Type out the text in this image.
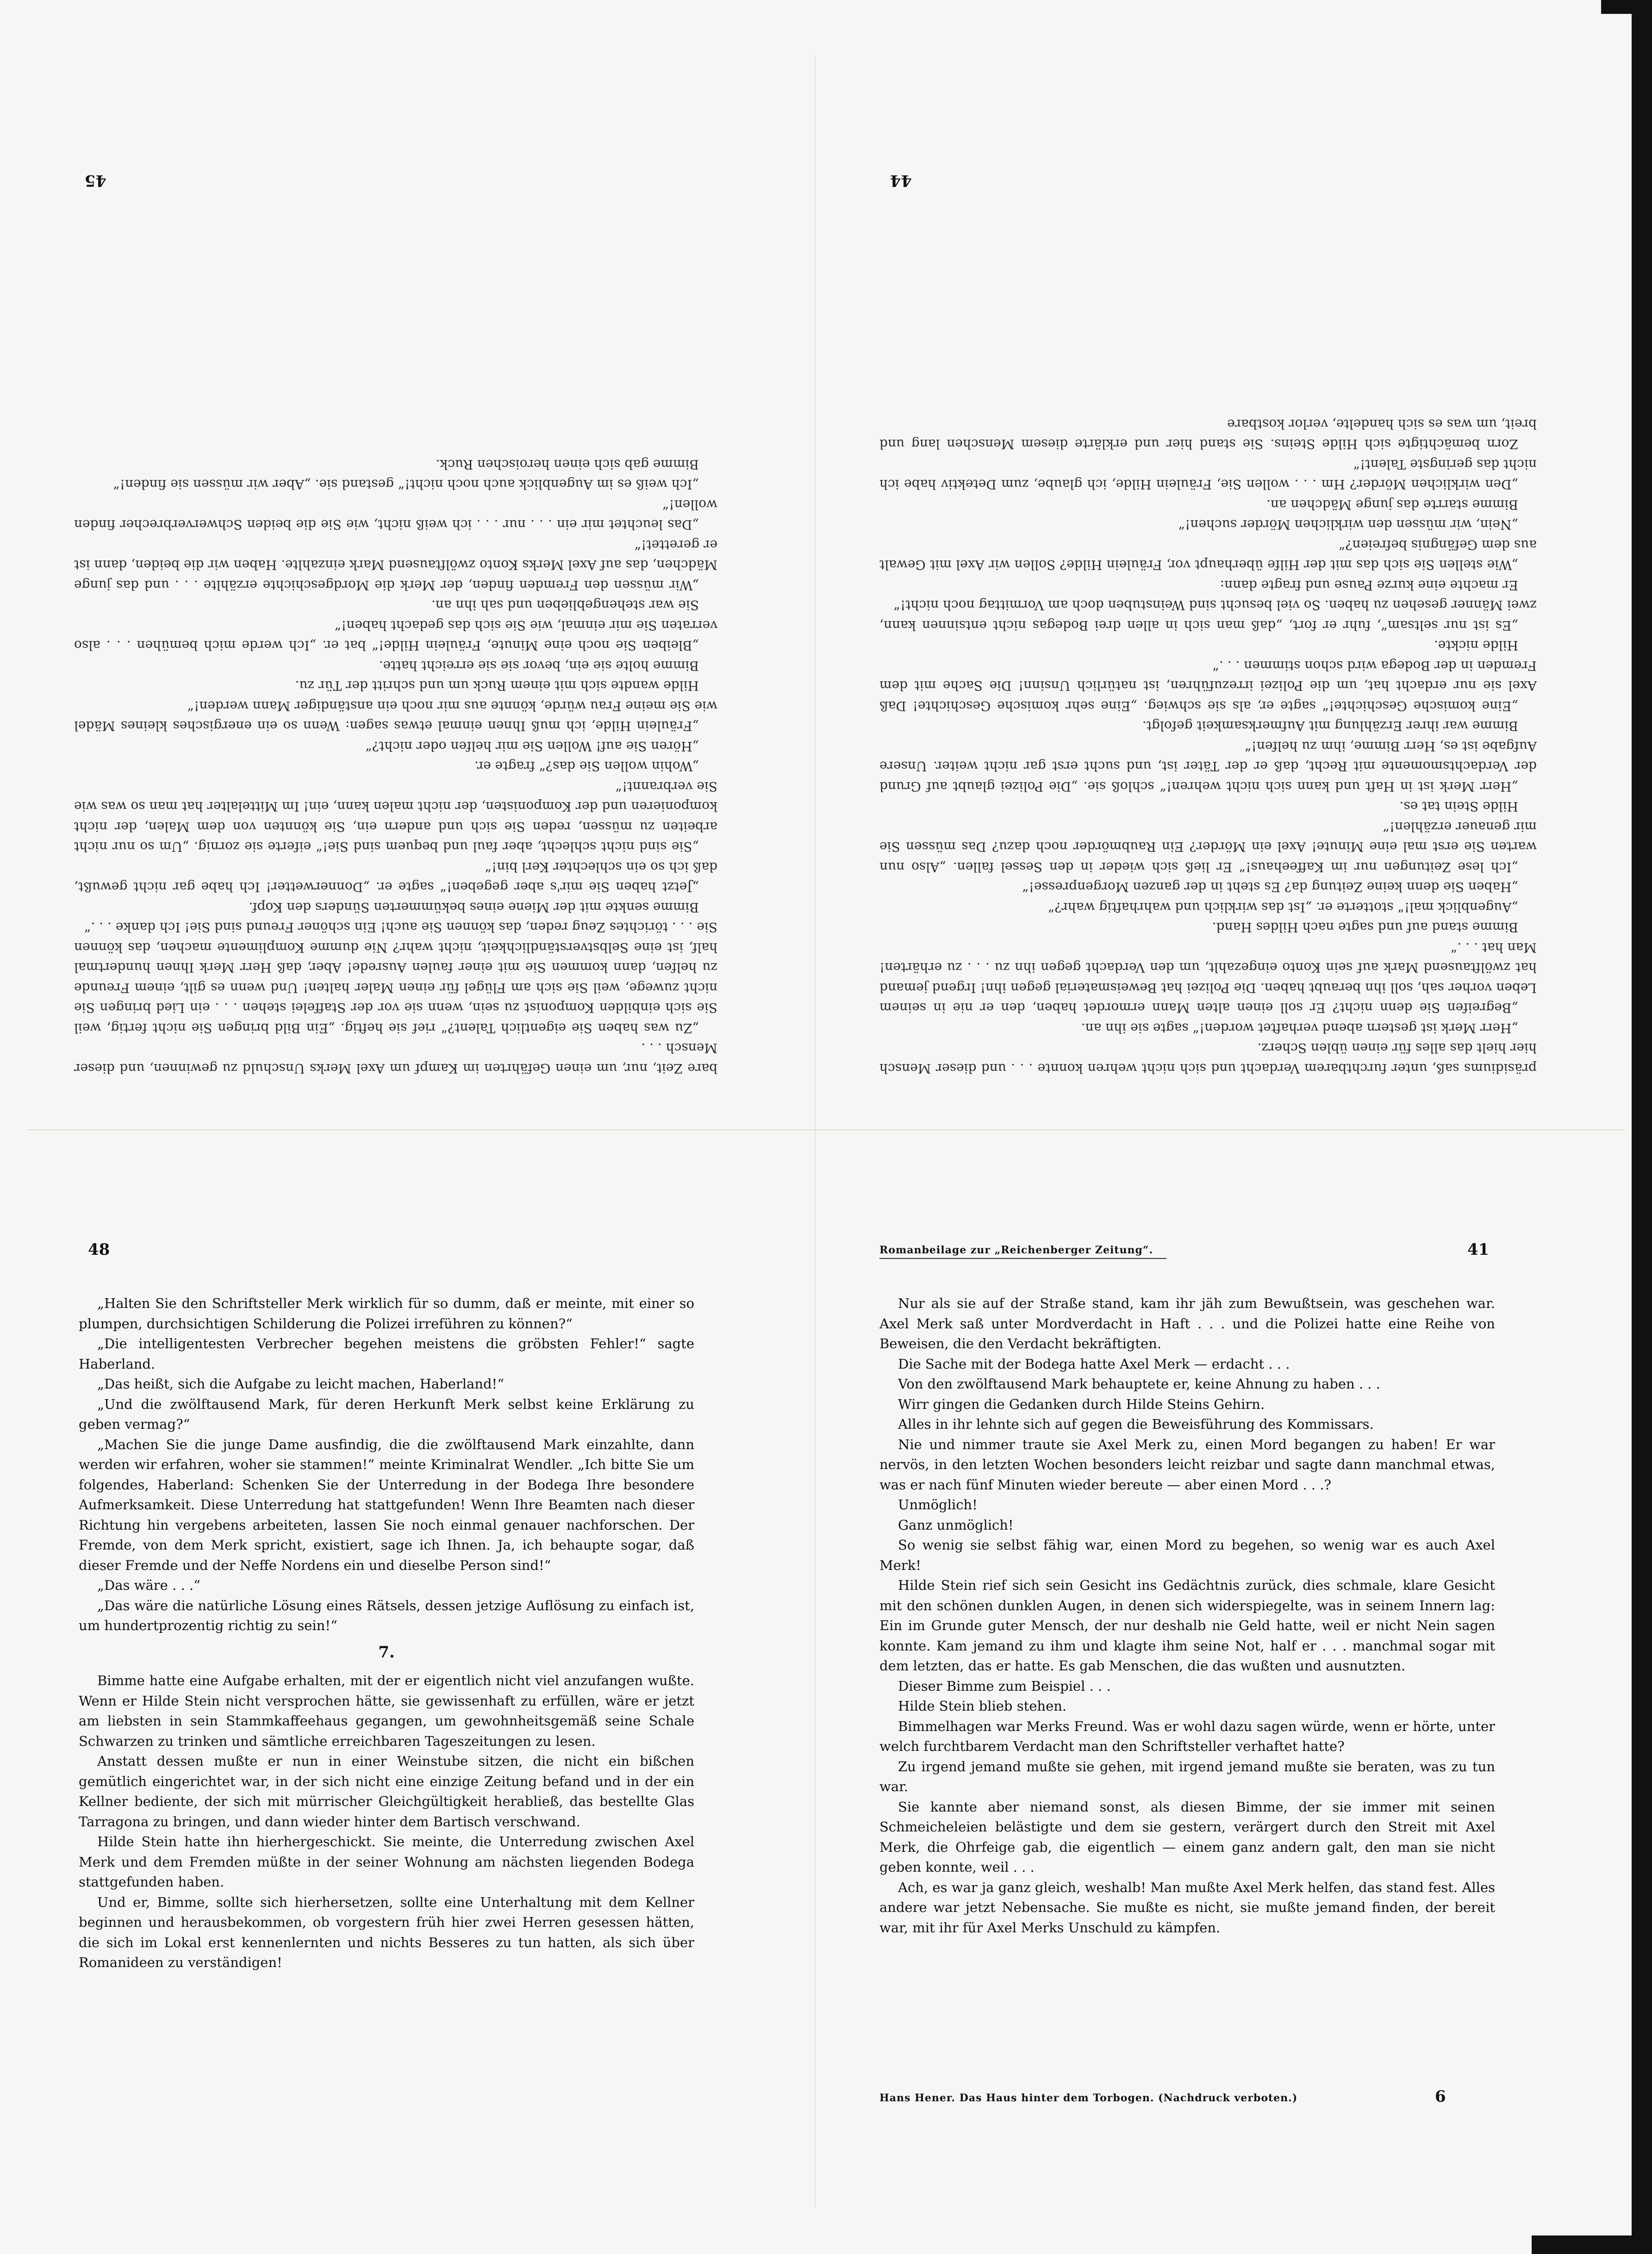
45

bare Zeit, nur, um einen Gefährten im Kampf um Axel Merks Unschuld zu gewinnen, und dieser Mensch . . .

„Zu was haben Sie eigentlich Talent?“ rief sie heftig. „Ein Bild bringen Sie nicht fertig, weil Sie sich einbilden Komponist zu sein, wenn sie vor der Staffelei stehen . . . ein Lied bringen Sie nicht zuwege, weil Sie sich am Flügel für einen Maler halten! Und wenn es gilt, einem Freunde zu helfen, dann kommen Sie mit einer faulen Ausrede! Aber, daß Herr Merk Ihnen hundertmal half, ist eine Selbstverständlichkeit, nicht wahr? Nie dumme Komplimente machen, das können Sie . . . törichtes Zeug reden, das können Sie auch! Ein schöner Freund sind Sie! Ich danke . . .“

Bimme senkte mit der Miene eines bekümmerten Sünders den Kopf.

„Jetzt haben Sie mir's aber gegeben!“ sagte er. „Donnerwetter! Ich habe gar nicht gewußt, daß ich so ein schlechter Kerl bin!“

„Sie sind nicht schlecht, aber faul und bequem sind Sie!“ eiferte sie zornig. „Um so nur nicht arbeiten zu müssen, reden Sie sich und andern ein, Sie könnten von dem Malen, der nicht komponieren und der Komponisten, der nicht malen kann, ein! Im Mittelalter hat man so was wie Sie verbrannt!“

„Wohin wollen Sie das?“ fragte er.

„Hören Sie auf! Wollen Sie mir helfen oder nicht?“

„Fräulein Hilde, ich muß Ihnen einmal etwas sagen: Wenn so ein energisches kleines Mädel wie Sie meine Frau würde, könnte aus mir noch ein anständiger Mann werden!“

Hilde wandte sich mit einem Ruck um und schritt der Tür zu.

Bimme holte sie ein, bevor sie sie erreicht hatte.

„Bleiben Sie noch eine Minute, Fräulein Hilde!“ bat er. „Ich werde mich bemühen . . . also verraten Sie mir einmal, wie Sie sich das gedacht haben!“

Sie war stehengeblieben und sah ihn an.

„Wir müssen den Fremden finden, der Merk die Mordgeschichte erzählte . . . und das junge Mädchen, das auf Axel Merks Konto zwölftausend Mark einzahlte. Haben wir die beiden, dann ist er gerettet!“

„Das leuchtet mir ein . . . nur . . . ich weiß nicht, wie Sie die beiden Schwerverbrecher finden wollen!“

„Ich weiß es im Augenblick auch noch nicht!“ gestand sie. „Aber wir müssen sie finden!“

Bimme gab sich einen heroischen Ruck.

44

präsidiums saß, unter furchtbarem Verdacht und sich nicht wehren konnte . . . und dieser Mensch hier hielt das alles für einen üblen Scherz.

„Herr Merk ist gestern abend verhaftet worden!“ sagte sie ihn an.

„Begreifen Sie denn nicht? Er soll einen alten Mann ermordet haben, den er nie in seinem Leben vorher sah, soll ihn beraubt haben. Die Polizei hat Beweismaterial gegen ihn! Irgend jemand hat zwölftausend Mark auf sein Konto eingezahlt, um den Verdacht gegen ihn zu . . . zu erhärten! Man hat . . .“

Bimme stand auf und sagte nach Hildes Hand.

„Augenblick mal!“ stotterte er. „Ist das wirklich und wahrhaftig wahr?“

„Haben Sie denn keine Zeitung da? Es steht in der ganzen Morgenpresse!“

„Ich lese Zeitungen nur im Kaffeehaus!“ Er ließ sich wieder in den Sessel fallen. „Also nun warten Sie erst mal eine Minute! Axel ein Mörder? Ein Raubmörder noch dazu? Das müssen Sie mir genauer erzählen!“

Hilde Stein tat es.

„Herr Merk ist in Haft und kann sich nicht wehren!“ schloß sie. „Die Polizei glaubt auf Grund der Verdachtsmomente mit Recht, daß er der Täter ist, und sucht erst gar nicht weiter. Unsere Aufgabe ist es, Herr Bimme, ihm zu helfen!“

Bimme war ihrer Erzählung mit Aufmerksamkeit gefolgt.

„Eine komische Geschichte!“ sagte er, als sie schwieg. „Eine sehr komische Geschichte! Daß Axel sie nur erdacht hat, um die Polizei irrezuführen, ist natürlich Unsinn! Die Sache mit dem Fremden in der Bodega wird schon stimmen . . .“

Hilde nickte.

„Es ist nur seltsam“, fuhr er fort, „daß man sich in allen drei Bodegas nicht entsinnen kann, zwei Männer gesehen zu haben. So viel besucht sind Weinstuben doch am Vormittag noch nicht!“

Er machte eine kurze Pause und fragte dann:

„Wie stellen Sie sich das mit der Hilfe überhaupt vor, Fräulein Hilde? Sollen wir Axel mit Gewalt aus dem Gefängnis befreien?“

„Nein, wir müssen den wirklichen Mörder suchen!“

Bimme starrte das junge Mädchen an.

„Den wirklichen Mörder? Hm . . . wollen Sie, Fräulein Hilde, ich glaube, zum Detektiv habe ich nicht das geringste Talent!“

Zorn bemächtigte sich Hilde Steins. Sie stand hier und erklärte diesem Menschen lang und breit, um was es sich handelte, verlor kostbare

48

„Halten Sie den Schriftsteller Merk wirklich für so dumm, daß er meinte, mit einer so plumpen, durchsichtigen Schilderung die Polizei irreführen zu können?“

„Die intelligentesten Verbrecher begehen meistens die gröbsten Fehler!“ sagte Haberland.

„Das heißt, sich die Aufgabe zu leicht machen, Haberland!“

„Und die zwölftausend Mark, für deren Herkunft Merk selbst keine Erklärung zu geben vermag?“

„Machen Sie die junge Dame ausfindig, die die zwölftausend Mark einzahlte, dann werden wir erfahren, woher sie stammen!“ meinte Kriminalrat Wendler. „Ich bitte Sie um folgendes, Haberland: Schenken Sie der Unterredung in der Bodega Ihre besondere Aufmerksamkeit. Diese Unterredung hat stattgefunden! Wenn Ihre Beamten nach dieser Richtung hin vergebens arbeiteten, lassen Sie noch einmal genauer nachforschen. Der Fremde, von dem Merk spricht, existiert, sage ich Ihnen. Ja, ich behaupte sogar, daß dieser Fremde und der Neffe Nordens ein und dieselbe Person sind!“

„Das wäre . . .“

„Das wäre die natürliche Lösung eines Rätsels, dessen jetzige Auflösung zu einfach ist, um hundertprozentig richtig zu sein!“

7.

Bimme hatte eine Aufgabe erhalten, mit der er eigentlich nicht viel anzufangen wußte. Wenn er Hilde Stein nicht versprochen hätte, sie gewissenhaft zu erfüllen, wäre er jetzt am liebsten in sein Stammkaffeehaus gegangen, um gewohnheitsgemäß seine Schale Schwarzen zu trinken und sämtliche erreichbaren Tageszeitungen zu lesen.

Anstatt dessen mußte er nun in einer Weinstube sitzen, die nicht ein bißchen gemütlich eingerichtet war, in der sich nicht eine einzige Zeitung befand und in der ein Kellner bediente, der sich mit mürrischer Gleichgültigkeit herabließ, das bestellte Glas Tarragona zu bringen, und dann wieder hinter dem Bartisch verschwand.

Hilde Stein hatte ihn hierhergeschickt. Sie meinte, die Unterredung zwischen Axel Merk und dem Fremden müßte in der seiner Wohnung am nächsten liegenden Bodega stattgefunden haben.

Und er, Bimme, sollte sich hierhersetzen, sollte eine Unterhaltung mit dem Kellner beginnen und herausbekommen, ob vorgestern früh hier zwei Herren gesessen hätten, die sich im Lokal erst kennenlernten und nichts Besseres zu tun hatten, als sich über Romanideen zu verständigen!

Romanbeilage zur „Reichenberger Zeitung“.	41

Nur als sie auf der Straße stand, kam ihr jäh zum Bewußtsein, was geschehen war. Axel Merk saß unter Mordverdacht in Haft . . . und die Polizei hatte eine Reihe von Beweisen, die den Verdacht bekräftigten.

Die Sache mit der Bodega hatte Axel Merk — erdacht . . .

Von den zwölftausend Mark behauptete er, keine Ahnung zu haben . . .

Wirr gingen die Gedanken durch Hilde Steins Gehirn.

Alles in ihr lehnte sich auf gegen die Beweisführung des Kommissars.

Nie und nimmer traute sie Axel Merk zu, einen Mord begangen zu haben! Er war nervös, in den letzten Wochen besonders leicht reizbar und sagte dann manchmal etwas, was er nach fünf Minuten wieder bereute — aber einen Mord . . .?

Unmöglich!

Ganz unmöglich!

So wenig sie selbst fähig war, einen Mord zu begehen, so wenig war es auch Axel Merk!

Hilde Stein rief sich sein Gesicht ins Gedächtnis zurück, dies schmale, klare Gesicht mit den schönen dunklen Augen, in denen sich widerspiegelte, was in seinem Innern lag: Ein im Grunde guter Mensch, der nur deshalb nie Geld hatte, weil er nicht Nein sagen konnte. Kam jemand zu ihm und klagte ihm seine Not, half er . . . manchmal sogar mit dem letzten, das er hatte. Es gab Menschen, die das wußten und ausnutzten.

Dieser Bimme zum Beispiel . . .

Hilde Stein blieb stehen.

Bimmelhagen war Merks Freund. Was er wohl dazu sagen würde, wenn er hörte, unter welch furchtbarem Verdacht man den Schriftsteller verhaftet hatte?

Zu irgend jemand mußte sie gehen, mit irgend jemand mußte sie beraten, was zu tun war.

Sie kannte aber niemand sonst, als diesen Bimme, der sie immer mit seinen Schmeicheleien belästigte und dem sie gestern, verärgert durch den Streit mit Axel Merk, die Ohrfeige gab, die eigentlich — einem ganz andern galt, den man sie nicht geben konnte, weil . . .

Ach, es war ja ganz gleich, weshalb! Man mußte Axel Merk helfen, das stand fest. Alles andere war jetzt Nebensache. Sie mußte es nicht, sie mußte jemand finden, der bereit war, mit ihr für Axel Merks Unschuld zu kämpfen.

Hans Hener. Das Haus hinter dem Torbogen. (Nachdruck verboten.)	6
